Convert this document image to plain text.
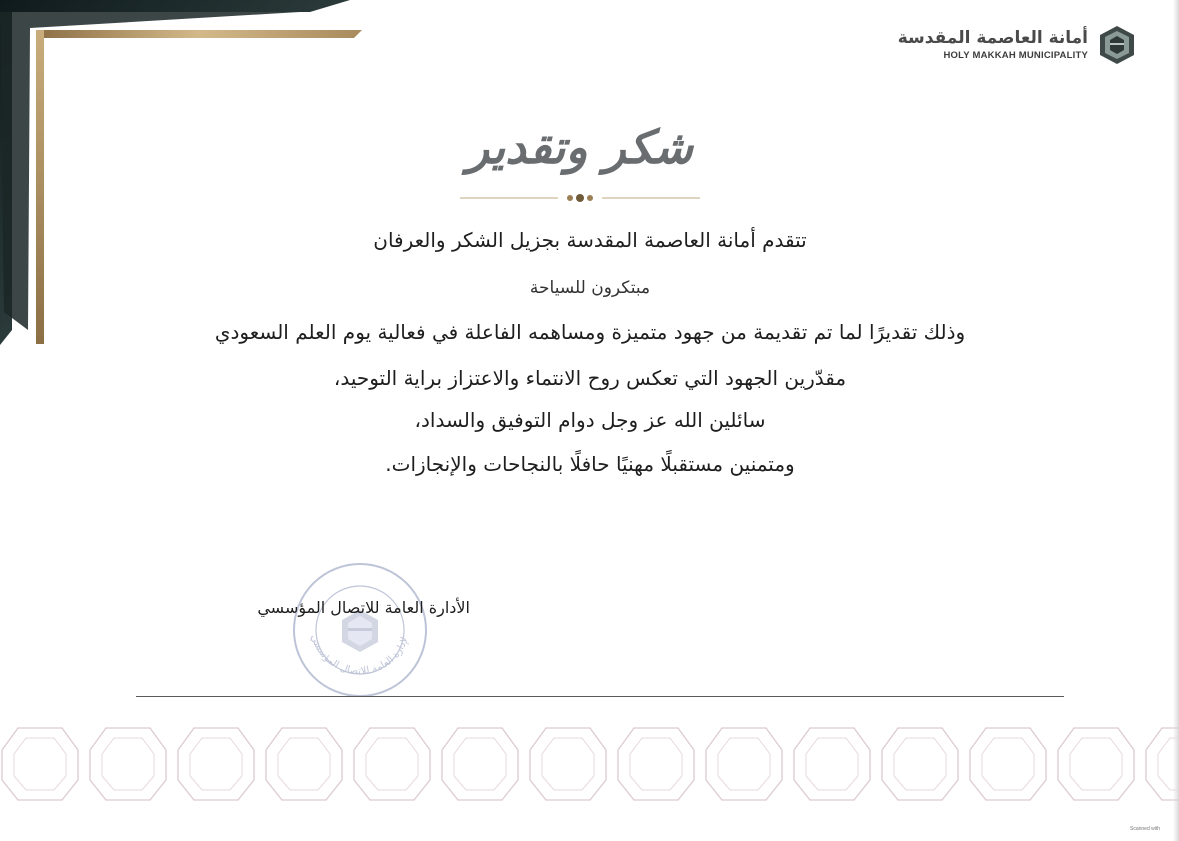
أمانة العاصمة المقدسة
HOLY MAKKAH MUNICIPALITY
شكر وتقدير
تتقدم أمانة العاصمة المقدسة بجزيل الشكر والعرفان
مبتكرون للسياحة
وذلك تقديرًا لما تم تقديمة من جهود متميزة ومساهمه الفاعلة في فعالية يوم العلم السعودي
مقدّرين الجهود التي تعكس روح الانتماء والاعتزاز براية التوحيد،
سائلين الله عز وجل دوام التوفيق والسداد،
ومتمنين مستقبلًا مهنيًا حافلًا بالنجاحات والإنجازات.
الإدارة العامة للاتصال المؤسسي
الأدارة العامة للاتصال المؤسسي
Scanned with
